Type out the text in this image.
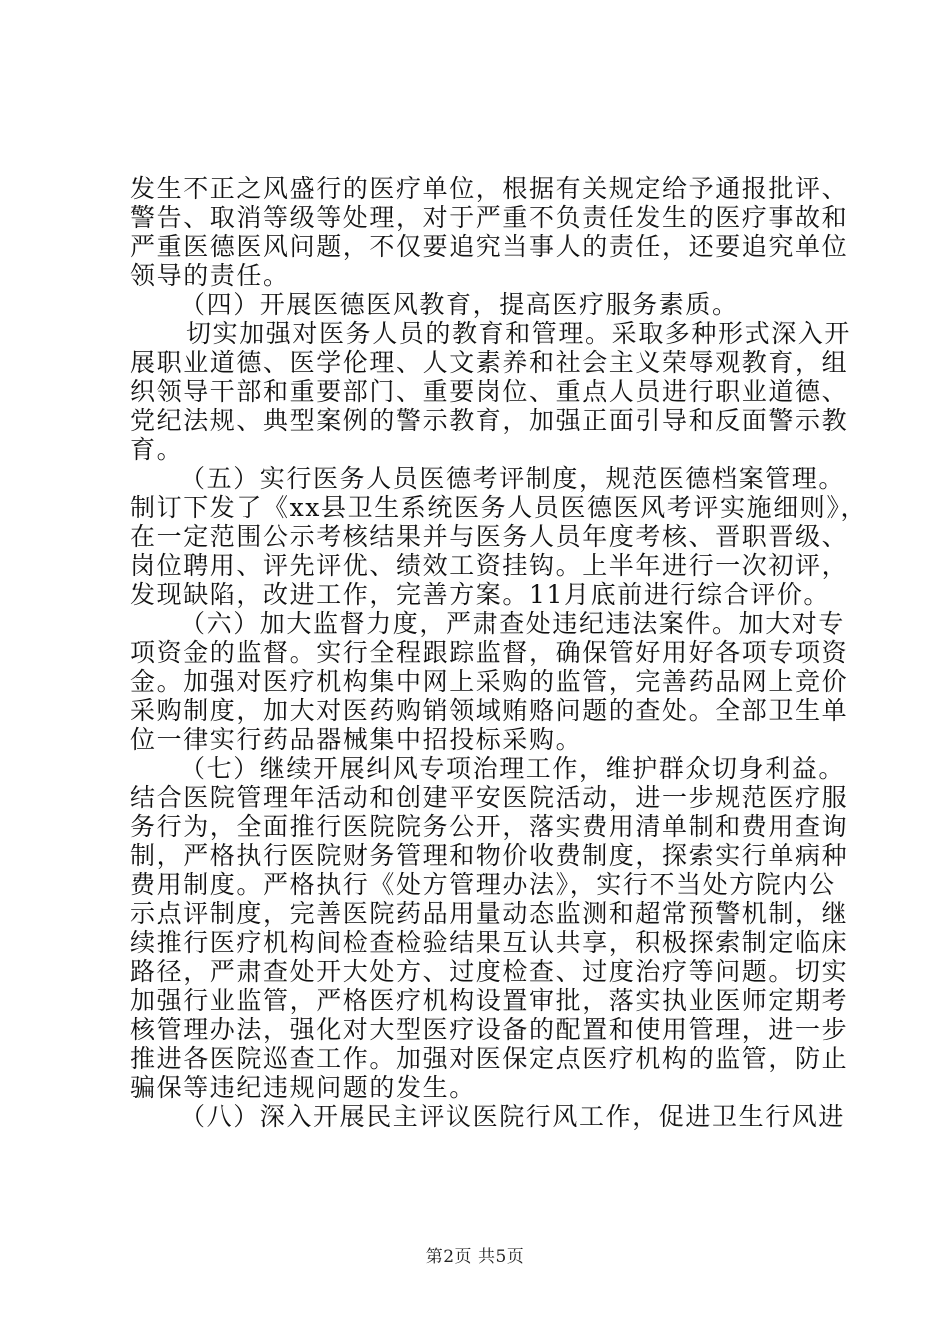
发生不正之风盛行的医疗单位，根据有关规定给予通报批评、
警告、取消等级等处理，对于严重不负责任发生的医疗事故和
严重医德医风问题，不仅要追究当事人的责任，还要追究单位
领导的责任。
（四）开展医德医风教育，提高医疗服务素质。
切实加强对医务人员的教育和管理。采取多种形式深入开
展职业道德、医学伦理、人文素养和社会主义荣辱观教育，组
织领导干部和重要部门、重要岗位、重点人员进行职业道德、
党纪法规、典型案例的警示教育，加强正面引导和反面警示教
育。
（五）实行医务人员医德考评制度，规范医德档案管理。
制订下发了《xx县卫生系统医务人员医德医风考评实施细则》，
在一定范围公示考核结果并与医务人员年度考核、晋职晋级、
岗位聘用、评先评优、绩效工资挂钩。上半年进行一次初评，
发现缺陷，改进工作，完善方案。11月底前进行综合评价。
（六）加大监督力度，严肃查处违纪违法案件。加大对专
项资金的监督。实行全程跟踪监督，确保管好用好各项专项资
金。加强对医疗机构集中网上采购的监管，完善药品网上竞价
采购制度，加大对医药购销领域贿赂问题的查处。全部卫生单
位一律实行药品器械集中招投标采购。
（七）继续开展纠风专项治理工作，维护群众切身利益。
结合医院管理年活动和创建平安医院活动，进一步规范医疗服
务行为，全面推行医院院务公开，落实费用清单制和费用查询
制，严格执行医院财务管理和物价收费制度，探索实行单病种
费用制度。严格执行《处方管理办法》，实行不当处方院内公
示点评制度，完善医院药品用量动态监测和超常预警机制，继
续推行医疗机构间检查检验结果互认共享，积极探索制定临床
路径，严肃查处开大处方、过度检查、过度治疗等问题。切实
加强行业监管，严格医疗机构设置审批，落实执业医师定期考
核管理办法，强化对大型医疗设备的配置和使用管理，进一步
推进各医院巡查工作。加强对医保定点医疗机构的监管，防止
骗保等违纪违规问题的发生。
（八）深入开展民主评议医院行风工作，促进卫生行风进
第2页 共5页
